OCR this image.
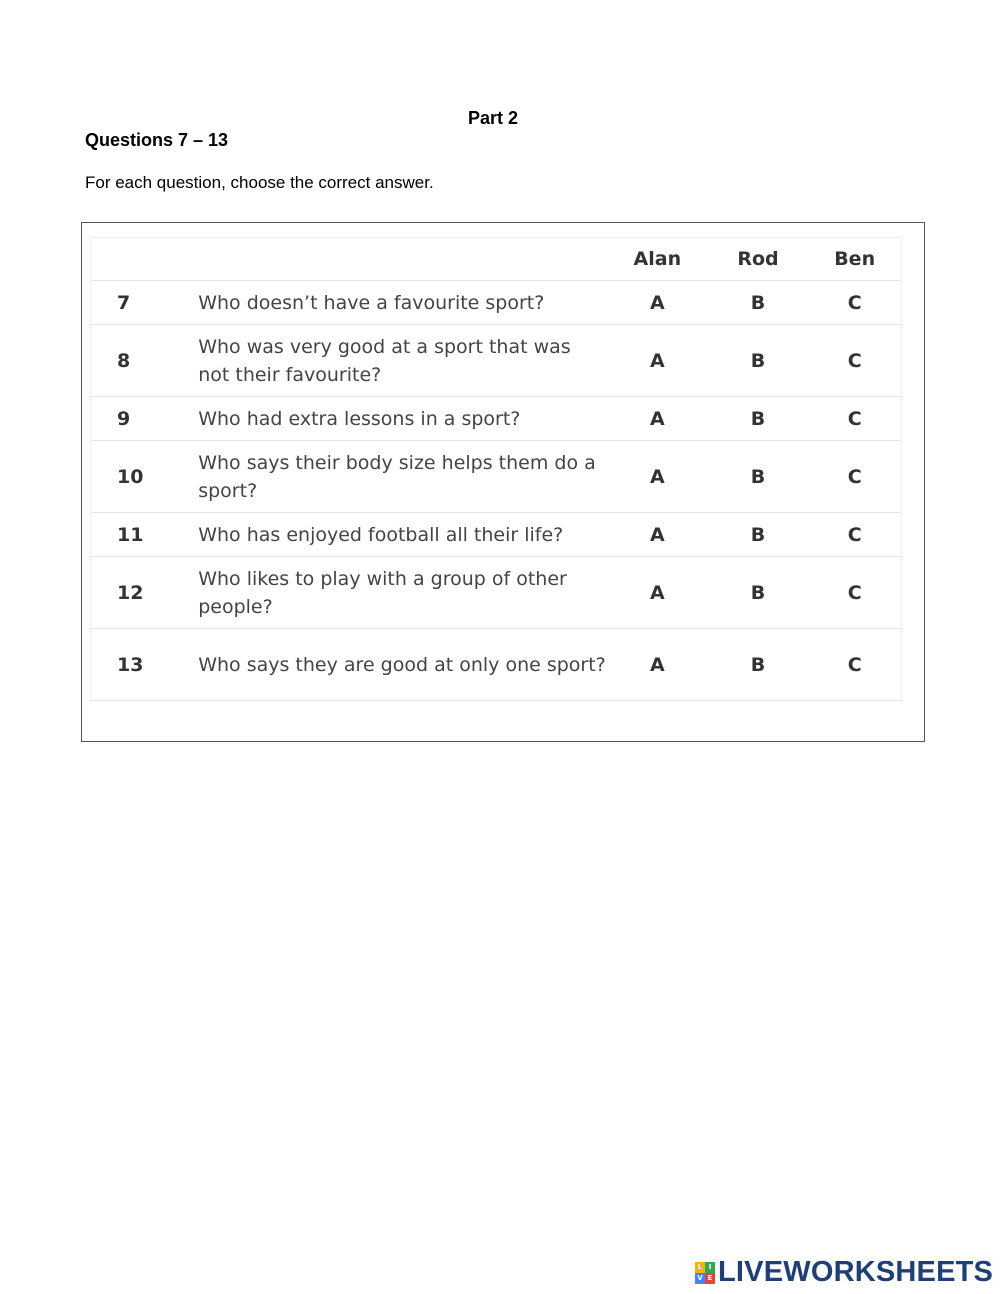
Part 2
Questions 7 – 13
For each question, choose the correct answer.
		Alan	Rod	Ben
7	Who doesn’t have a favourite sport?	A	B	C
8	Who was very good at a sport that was not their favourite?	A	B	C
9	Who had extra lessons in a sport?	A	B	C
10	Who says their body size helps them do a sport?	A	B	C
11	Who has enjoyed football all their life?	A	B	C
12	Who likes to play with a group of other people?	A	B	C
13	Who says they are good at only one sport?	A	B	C
L I
V E LIVEWORKSHEETS
